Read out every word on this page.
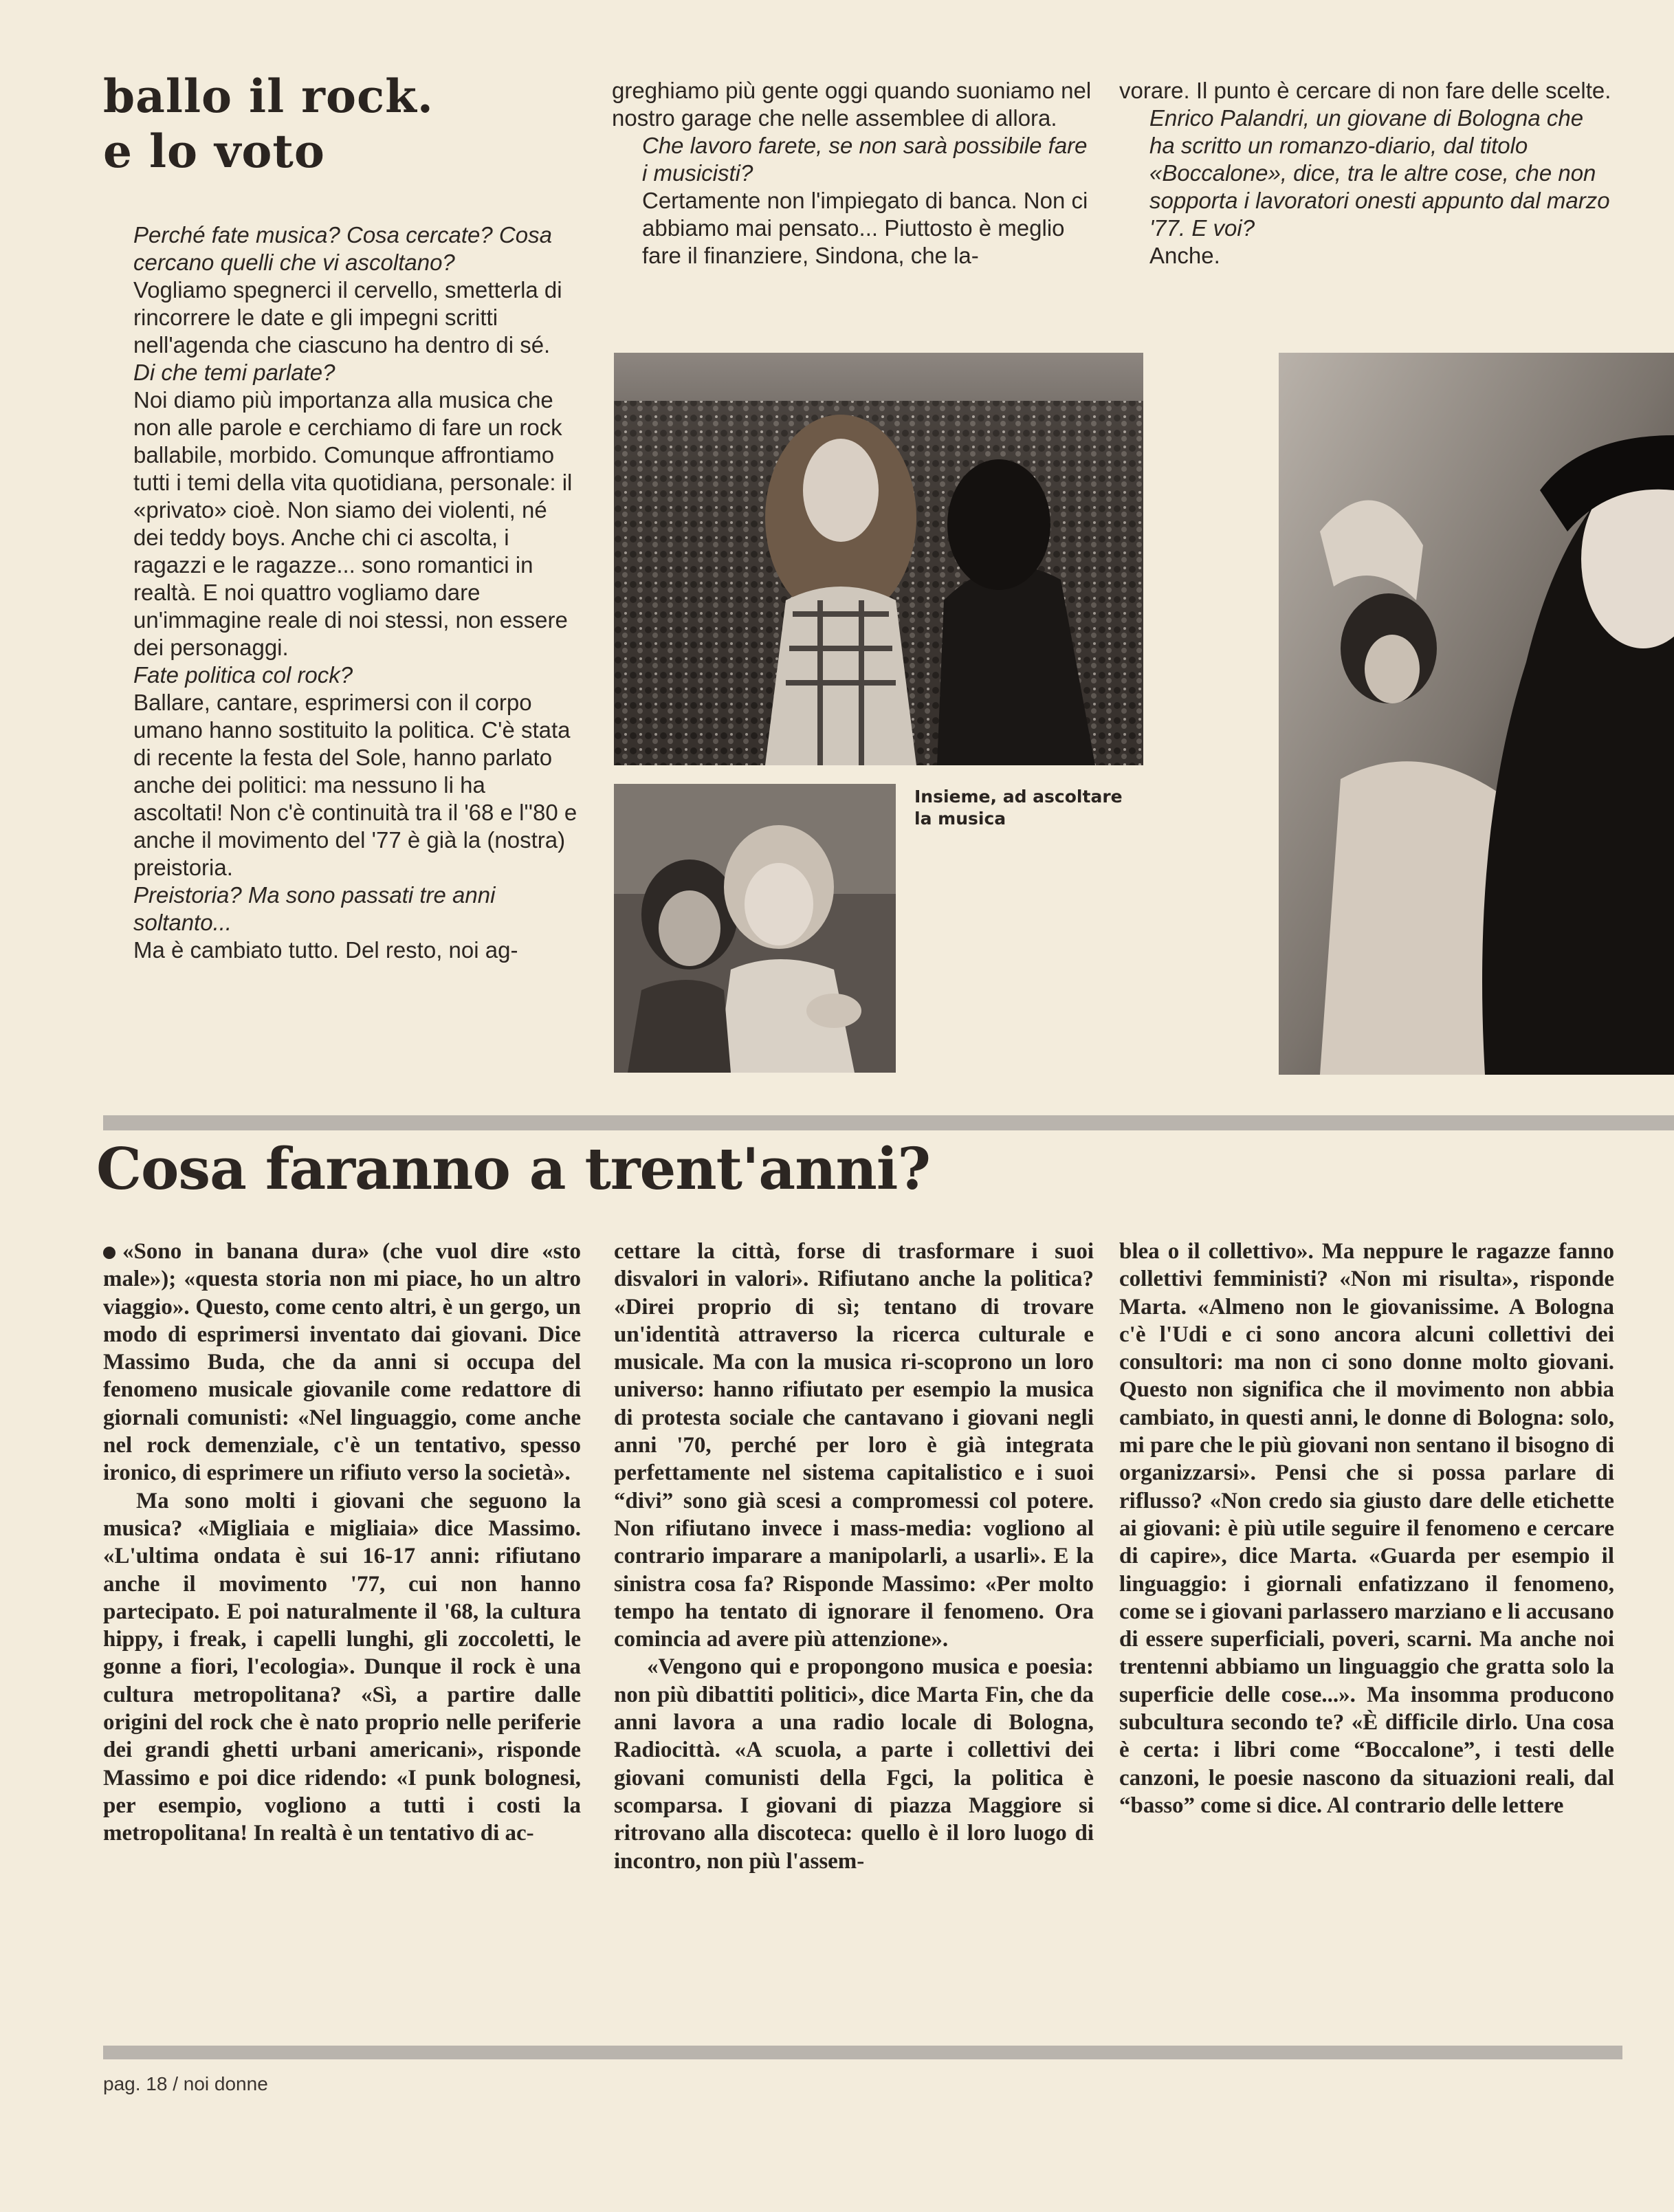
ballo il rock.
e lo voto

Perché fate musica? Cosa cercate? Cosa cercano quelli che vi ascoltano?

Vogliamo spegnerci il cervello, smetterla di rincorrere le date e gli impegni scritti nell'agenda che ciascuno ha dentro di sé.

Di che temi parlate?

Noi diamo più importanza alla musica che non alle parole e cerchiamo di fare un rock ballabile, morbido. Comunque affrontiamo tutti i temi della vita quotidiana, personale: il «privato» cioè. Non siamo dei violenti, né dei teddy boys. Anche chi ci ascolta, i ragazzi e le ragazze... sono romantici in realtà. E noi quattro vogliamo dare un'immagine reale di noi stessi, non essere dei personaggi.

Fate politica col rock?

Ballare, cantare, esprimersi con il corpo umano hanno sostituito la politica. C'è stata di recente la festa del Sole, hanno parlato anche dei politici: ma nessuno li ha ascoltati! Non c'è continuità tra il '68 e l''80 e anche il movimento del '77 è già la (nostra) preistoria.

Preistoria? Ma sono passati tre anni soltanto...

Ma è cambiato tutto. Del resto, noi ag-

greghiamo più gente oggi quando suoniamo nel nostro garage che nelle assemblee di allora.

Che lavoro farete, se non sarà possibile fare i musicisti?

Certamente non l'impiegato di banca. Non ci abbiamo mai pensato... Piuttosto è meglio fare il finanziere, Sindona, che la-

vorare. Il punto è cercare di non fare delle scelte.

Enrico Palandri, un giovane di Bologna che ha scritto un romanzo-diario, dal titolo «Boccalone», dice, tra le altre cose, che non sopporta i lavoratori onesti appunto dal marzo '77. E voi?

Anche.

Insieme, ad ascoltare la musica
Cosa faranno a trent'anni?

«Sono in banana dura» (che vuol dire «sto male»); «questa storia non mi piace, ho un altro viaggio». Questo, come cento altri, è un gergo, un modo di esprimersi inventato dai giovani. Dice Massimo Buda, che da anni si occupa del fenomeno musicale giovanile come redattore di giornali comunisti: «Nel linguaggio, come anche nel rock demenziale, c'è un tentativo, spesso ironico, di esprimere un rifiuto verso la società».

Ma sono molti i giovani che seguono la musica? «Migliaia e migliaia» dice Massimo. «L'ultima ondata è sui 16-17 anni: rifiutano anche il movimento '77, cui non hanno partecipato. E poi naturalmente il '68, la cultura hippy, i freak, i capelli lunghi, gli zoccoletti, le gonne a fiori, l'ecologia». Dunque il rock è una cultura metropolitana? «Sì, a partire dalle origini del rock che è nato proprio nelle periferie dei grandi ghetti urbani americani», risponde Massimo e poi dice ridendo: «I punk bolognesi, per esempio, vogliono a tutti i costi la metropolitana! In realtà è un tentativo di ac-

cettare la città, forse di trasformare i suoi disvalori in valori». Rifiutano anche la politica? «Direi proprio di sì; tentano di trovare un'identità attraverso la ricerca culturale e musicale. Ma con la musica ri-scoprono un loro universo: hanno rifiutato per esempio la musica di protesta sociale che cantavano i giovani negli anni '70, perché per loro è già integrata perfettamente nel sistema capitalistico e i suoi “divi” sono già scesi a compromessi col potere. Non rifiutano invece i mass-media: vogliono al contrario imparare a manipolarli, a usarli». E la sinistra cosa fa? Risponde Massimo: «Per molto tempo ha tentato di ignorare il fenomeno. Ora comincia ad avere più attenzione».

«Vengono qui e propongono musica e poesia: non più dibattiti politici», dice Marta Fin, che da anni lavora a una radio locale di Bologna, Radiocittà. «A scuola, a parte i collettivi dei giovani comunisti della Fgci, la politica è scomparsa. I giovani di piazza Maggiore si ritrovano alla discoteca: quello è il loro luogo di incontro, non più l'assem-

blea o il collettivo». Ma neppure le ragazze fanno collettivi femministi? «Non mi risulta», risponde Marta. «Almeno non le giovanissime. A Bologna c'è l'Udi e ci sono ancora alcuni collettivi dei consultori: ma non ci sono donne molto giovani. Questo non significa che il movimento non abbia cambiato, in questi anni, le donne di Bologna: solo, mi pare che le più giovani non sentano il bisogno di organizzarsi». Pensi che si possa parlare di riflusso? «Non credo sia giusto dare delle etichette ai giovani: è più utile seguire il fenomeno e cercare di capire», dice Marta. «Guarda per esempio il linguaggio: i giornali enfatizzano il fenomeno, come se i giovani parlassero marziano e li accusano di essere superficiali, poveri, scarni. Ma anche noi trentenni abbiamo un linguaggio che gratta solo la superficie delle cose...». Ma insomma producono subcultura secondo te? «È difficile dirlo. Una cosa è certa: i libri come “Boccalone”, i testi delle canzoni, le poesie nascono da situazioni reali, dal “basso” come si dice. Al contrario delle lettere

pag. 18 / noi donne
